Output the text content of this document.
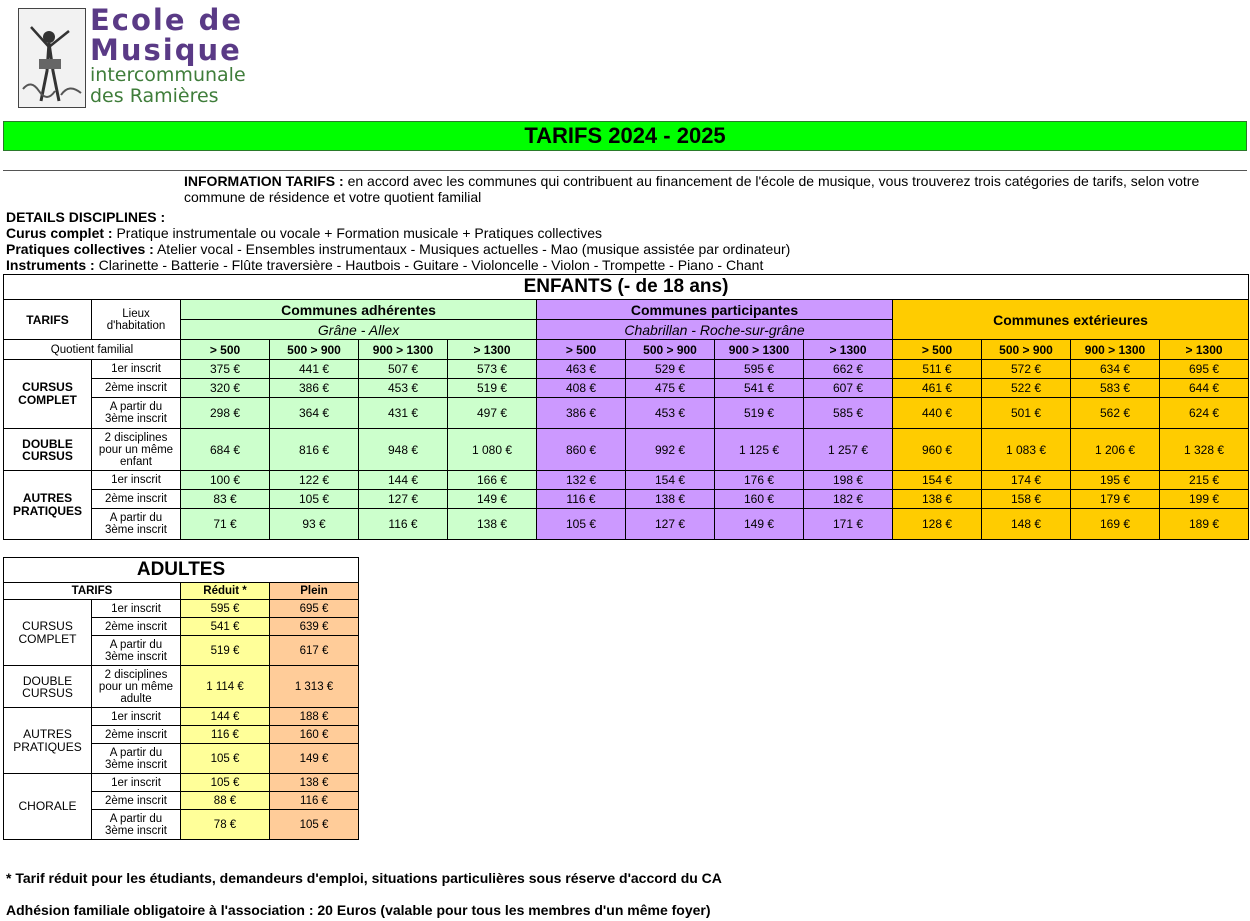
Ecole de
Musique
intercommunale
des Ramières
TARIFS 2024 - 2025
INFORMATION TARIFS : en accord avec les communes qui contribuent au financement de l'école de musique, vous trouverez trois catégories de tarifs, selon votre commune de résidence et votre quotient familial
DETAILS DISCIPLINES :
Curus complet : Pratique instrumentale ou vocale + Formation musicale + Pratiques collectives
Pratiques collectives : Atelier vocal - Ensembles instrumentaux - Musiques actuelles - Mao (musique assistée par ordinateur)
Instruments : Clarinette - Batterie - Flûte traversière - Hautbois - Guitare - Violoncelle - Violon - Trompette - Piano - Chant
ENFANTS (- de 18 ans)													
TARIFS	Lieux d'habitation	Communes adhérentes				Communes participantes				Communes extérieures			
		Grâne - Allex				Chabrillan - Roche-sur-grâne							
Quotient familial		> 500	500 > 900	900 > 1300	> 1300	> 500	500 > 900	900 > 1300	> 1300	> 500	500 > 900	900 > 1300	> 1300
CURSUS COMPLET	1er inscrit	375 €	441 €	507 €	573 €	463 €	529 €	595 €	662 €	511 €	572 €	634 €	695 €
	2ème inscrit	320 €	386 €	453 €	519 €	408 €	475 €	541 €	607 €	461 €	522 €	583 €	644 €
	A partir du 3ème inscrit	298 €	364 €	431 €	497 €	386 €	453 €	519 €	585 €	440 €	501 €	562 €	624 €
DOUBLE CURSUS	2 disciplines pour un même enfant	684 €	816 €	948 €	1 080 €	860 €	992 €	1 125 €	1 257 €	960 €	1 083 €	1 206 €	1 328 €
AUTRES PRATIQUES	1er inscrit	100 €	122 €	144 €	166 €	132 €	154 €	176 €	198 €	154 €	174 €	195 €	215 €
	2ème inscrit	83 €	105 €	127 €	149 €	116 €	138 €	160 €	182 €	138 €	158 €	179 €	199 €
	A partir du 3ème inscrit	71 €	93 €	116 €	138 €	105 €	127 €	149 €	171 €	128 €	148 €	169 €	189 €
ADULTES			
TARIFS		Réduit *	Plein
CURSUS COMPLET	1er inscrit	595 €	695 €
	2ème inscrit	541 €	639 €
	A partir du 3ème inscrit	519 €	617 €
DOUBLE CURSUS	2 disciplines pour un même adulte	1 114 €	1 313 €
AUTRES PRATIQUES	1er inscrit	144 €	188 €
	2ème inscrit	116 €	160 €
	A partir du 3ème inscrit	105 €	149 €
CHORALE	1er inscrit	105 €	138 €
	2ème inscrit	88 €	116 €
	A partir du 3ème inscrit	78 €	105 €
* Tarif réduit pour les étudiants, demandeurs d'emploi, situations particulières sous réserve d'accord du CA
Adhésion familiale obligatoire à l'association : 20 Euros (valable pour tous les membres d'un même foyer)
